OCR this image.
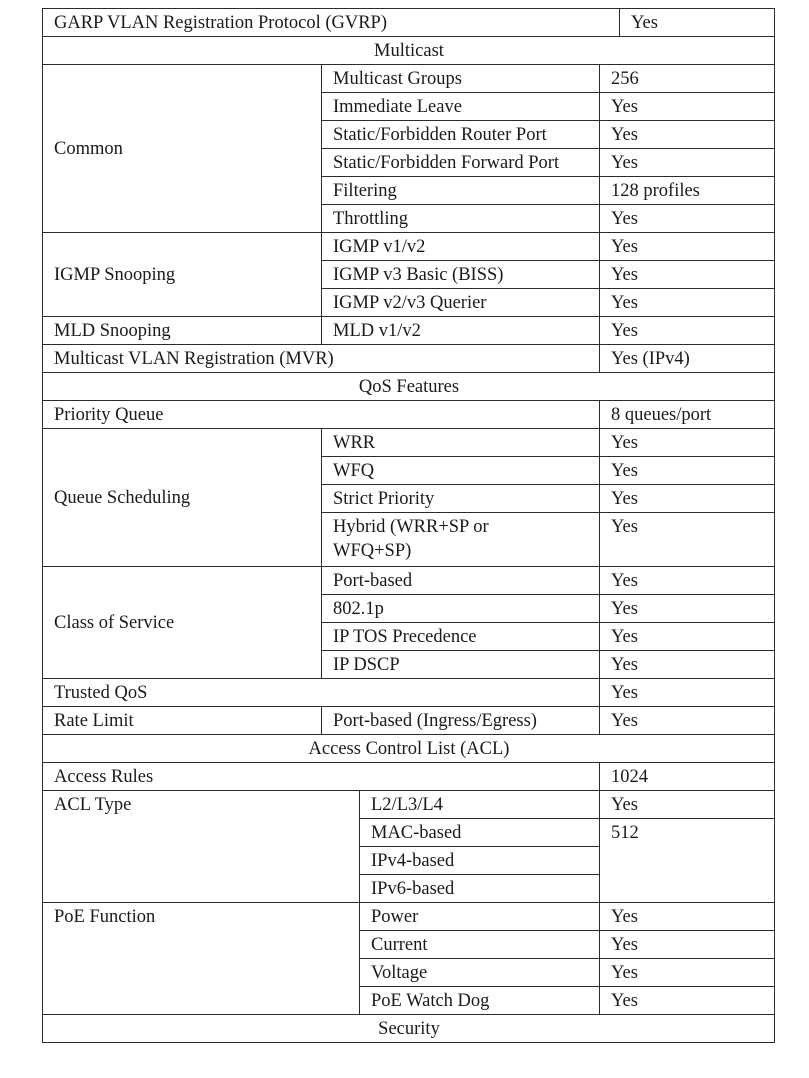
GARP VLAN Registration Protocol (GVRP)				Yes
Multicast				
Common	Multicast Groups		256	
	Immediate Leave		Yes	
	Static/Forbidden Router Port		Yes	
	Static/Forbidden Forward Port		Yes	
	Filtering		128 profiles	
	Throttling		Yes	
IGMP Snooping	IGMP v1/v2		Yes	
	IGMP v3 Basic (BISS)		Yes	
	IGMP v2/v3 Querier		Yes	
MLD Snooping	MLD v1/v2		Yes	
Multicast VLAN Registration (MVR)			Yes (IPv4)	
QoS Features				
Priority Queue			8 queues/port	
Queue Scheduling	WRR		Yes	
	WFQ		Yes	
	Strict Priority		Yes	
	Hybrid (WRR+SP or WFQ+SP)		Yes	
Class of Service	Port-based		Yes	
	802.1p		Yes	
	IP TOS Precedence		Yes	
	IP DSCP		Yes	
Trusted QoS			Yes	
Rate Limit	Port-based (Ingress/Egress)		Yes	
Access Control List (ACL)				
Access Rules			1024	
ACL Type		L2/L3/L4	Yes	
		MAC-based	512	
		IPv4-based		
		IPv6-based		
PoE Function		Power	Yes	
		Current	Yes	
		Voltage	Yes	
		PoE Watch Dog	Yes	
Security				
